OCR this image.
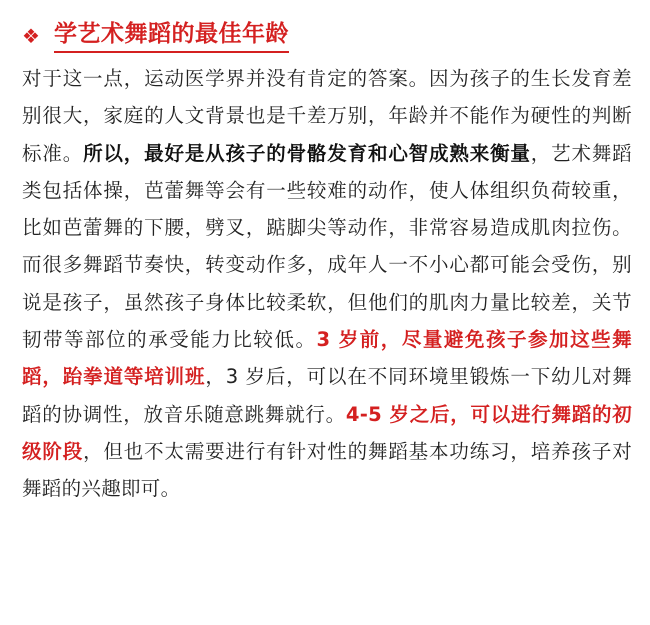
❖ 学艺术舞蹈的最佳年龄

对于这一点，运动医学界并没有肯定的答案。因为孩子的生长发育差别很大，家庭的人文背景也是千差万别，年龄并不能作为硬性的判断标准。所以，最好是从孩子的骨骼发育和心智成熟来衡量，艺术舞蹈类包括体操，芭蕾舞等会有一些较难的动作，使人体组织负荷较重，比如芭蕾舞的下腰，劈叉，踮脚尖等动作，非常容易造成肌肉拉伤。而很多舞蹈节奏快，转变动作多，成年人一不小心都可能会受伤，别说是孩子，虽然孩子身体比较柔软，但他们的肌肉力量比较差，关节韧带等部位的承受能力比较低。3 岁前，尽量避免孩子参加这些舞蹈，跆拳道等培训班，3 岁后，可以在不同环境里锻炼一下幼儿对舞蹈的协调性，放音乐随意跳舞就行。4-5 岁之后，可以进行舞蹈的初级阶段，但也不太需要进行有针对性的舞蹈基本功练习，培养孩子对舞蹈的兴趣即可。
